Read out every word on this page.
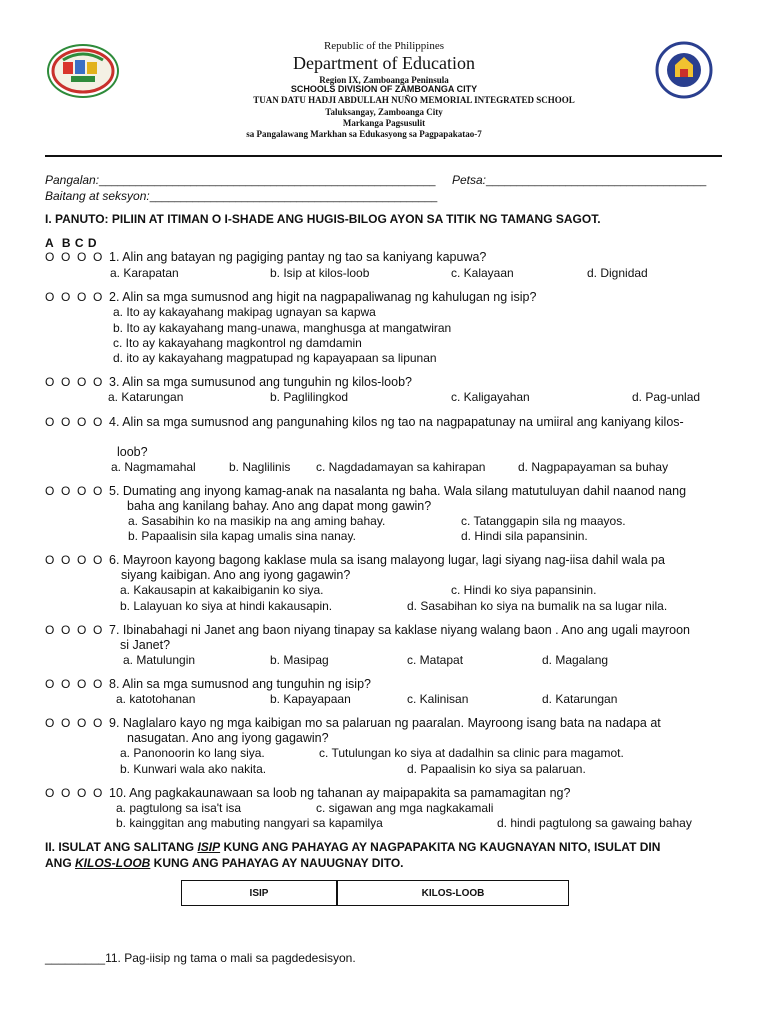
Republic of the Philippines
Department of Education
Region IX, Zamboanga Peninsula
SCHOOLS DIVISION OF ZAMBOANGA CITY
TUAN DATU HADJI ABDULLAH NUÑO MEMORIAL INTEGRATED SCHOOL
Taluksangay, Zamboanga City
Markanga Pagsusulit
sa Pangalawang Markhan sa Edukasyong sa Pagpapakatao-7
Pangalan:_______________________________________________________ Petsa:____________________________________
Baitang at seksyon:_______________________________________________
I. PANUTO: PILIIN AT ITIMAN O I-SHADE ANG HUGIS-BILOG AYON SA TITIK NG TAMANG SAGOT.
A  B C D
O  O  O  O 1. Alin ang batayan ng pagiging pantay ng tao sa kaniyang kapuwa?
a. Karapatan	b. Isip at kilos-loob	c. Kalayaan	d. Dignidad
O  O  O  O 2. Alin sa mga sumusnod ang higit na nagpapaliwanag ng kahulugan ng isip?
a. Ito ay kakayahang makipag ugnayan sa kapwa
b. Ito ay kakayahang mang-unawa, manghusga at mangatwiran
c. Ito ay kakayahang magkontrol ng damdamin
d. ito ay kakayahang magpatupad ng kapayapaan sa lipunan
O  O  O  O 3. Alin sa mga sumusunod ang tunguhin ng kilos-loob?
a. Katarungan	b. Paglilingkod	c. Kaligayahan	d. Pag-unlad
O  O  O  O 4. Alin sa mga sumusnod ang pangunahing kilos ng tao na nagpapatunay na umiiral ang kaniyang kilos-
loob?
a. Nagmamahal	b. Naglilinis c. Nagdadamayan sa kahirapan	d. Nagpapayaman sa buhay
O  O  O  O 5. Dumating ang inyong kamag-anak na nasalanta ng baha. Wala silang matutuluyan dahil naanod nang
baha ang kanilang bahay. Ano ang dapat mong gawin?
a. Sasabihin ko na masikip na ang aming bahay.	c. Tatanggapin sila ng maayos.
b. Papaalisin sila kapag umalis sina nanay.	d. Hindi sila papansinin.
O  O  O  O 6. Mayroon kayong bagong kaklase mula sa isang malayong lugar, lagi siyang nag-iisa dahil wala pa
siyang kaibigan. Ano ang iyong gagawin?
a. Kakausapin at kakaibiganin ko siya.	c. Hindi ko siya papansinin.
b. Lalayuan ko siya at hindi kakausapin.	d. Sasabihan ko siya na bumalik na sa lugar nila.
O  O  O  O 7. Ibinabahagi ni Janet ang baon niyang tinapay sa kaklase niyang walang baon . Ano ang ugali mayroon
si Janet?
a. Matulungin	b. Masipag	c. Matapat	d. Magalang
O  O  O  O 8. Alin sa mga sumusnod ang tunguhin ng isip?
a. katotohanan	b. Kapayapaan	c. Kalinisan	d. Katarungan
O  O  O  O 9. Naglalaro kayo ng mga kaibigan mo sa palaruan ng paaralan. Mayroong isang bata na nadapa at
nasugatan. Ano ang iyong gagawin?
a. Panonoorin ko lang siya.	c. Tutulungan ko siya at dadalhin sa clinic para magamot.
b. Kunwari wala ako nakita.	d. Papaalisin ko siya sa palaruan.
O  O  O  O 10. Ang pagkakaunawaan sa loob ng tahanan ay maipapakita sa pamamagitan ng?
a. pagtulong sa isa't isa	c. sigawan ang mga nagkakamali
b. kainggitan ang mabuting nangyari sa kapamilya	d. hindi pagtulong sa gawaing bahay
II. ISULAT ANG SALITANG ISIP KUNG ANG PAHAYAG AY NAGPAPAKITA NG KAUGNAYAN NITO, ISULAT DIN
ANG KILOS-LOOB KUNG ANG PAHAYAG AY NAUUGNAY DITO.
ISIP	KILOS-LOOB
_________11. Pag-iisip ng tama o mali sa pagdedesisyon.
